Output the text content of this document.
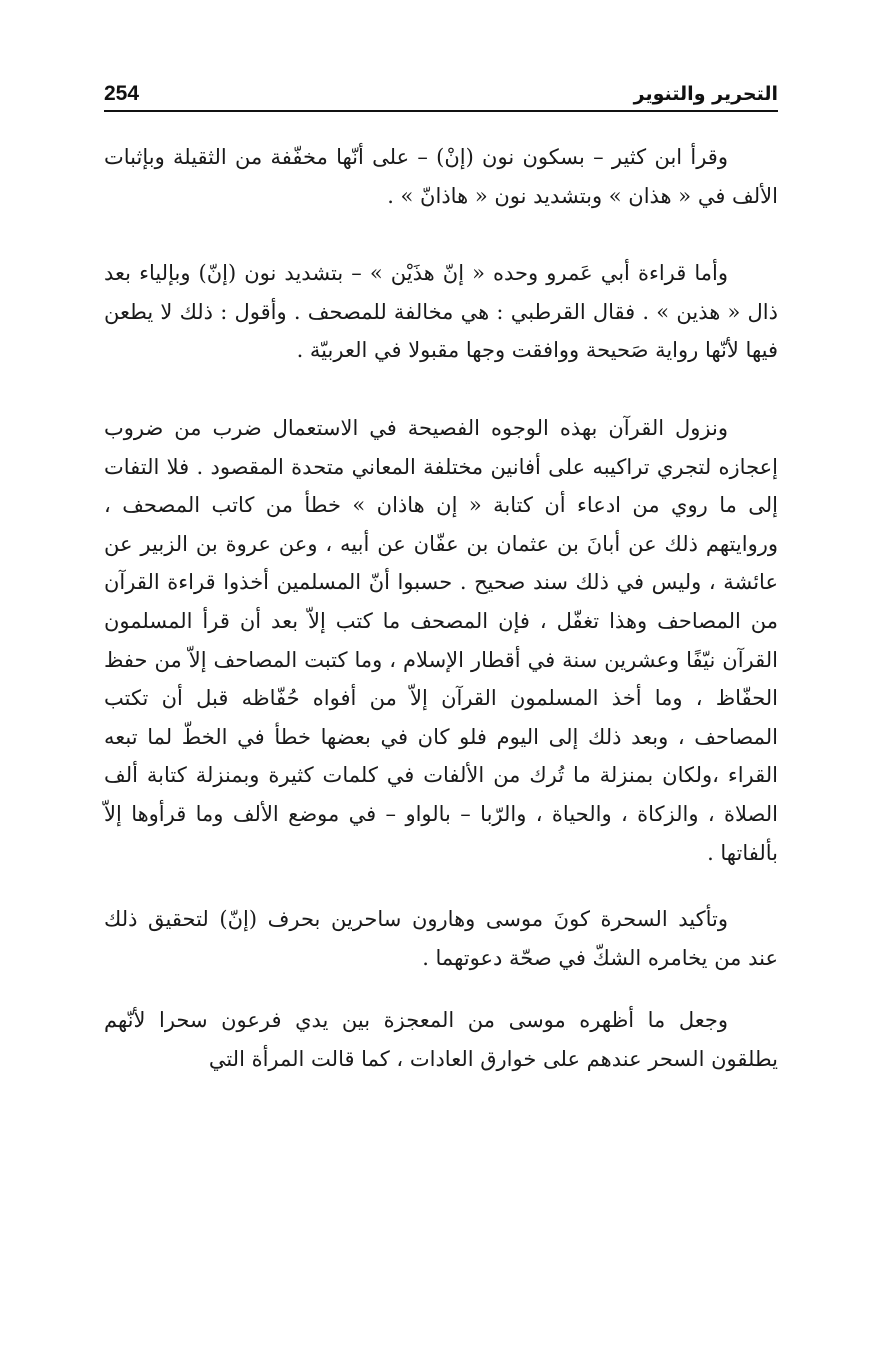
254	التحرير والتنوير

وقرأ ابن كثير – بسكون نون (إنْ) – على أنّها مخفّفة من الثقيلة وبإثبات الألف في « هذان » وبتشديد نون « هاذانّ » .

وأما قراءة أبي عَمرو وحده « إنّ هذَيْن » – بتشديد نون (إنّ) وبإلياء بعد ذال « هذين » . فقال القرطبي : هي مخالفة للمصحف . وأقول : ذلك لا يطعن فيها لأنّها رواية صَحيحة ووافقت وجها مقبولا في العربيّة .

ونزول القرآن بهذه الوجوه الفصيحة في الاستعمال ضرب من ضروب إعجازه لتجري تراكيبه على أفانين مختلفة المعاني متحدة المقصود . فلا التفات إلى ما روي من ادعاء أن كتابة « إن هاذان » خطأ من كاتب المصحف ، وروايتهم ذلك عن أبانَ بن عثمان بن عفّان عن أبيه ، وعن عروة بن الزبير عن عائشة ، وليس في ذلك سند صحيح . حسبوا أنّ المسلمين أخذوا قراءة القرآن من المصاحف وهذا تغفّل ، فإن المصحف ما كتب إلاّ بعد أن قرأ المسلمون القرآن نيّفًا وعشرين سنة في أقطار الإسلام ، وما كتبت المصاحف إلاّ من حفظ الحفّاظ ، وما أخذ المسلمون القرآن إلاّ من أفواه حُفّاظه قبل أن تكتب المصاحف ، وبعد ذلك إلى اليوم فلو كان في بعضها خطأ في الخطّ لما تبعه القراء ،ولكان بمنزلة ما تُرك من الألفات في كلمات كثيرة وبمنزلة كتابة ألف الصلاة ، والزكاة ، والحياة ، والرّبا – بالواو – في موضع الألف وما قرأوها إلاّ بألفاتها .

وتأكيد السحرة كونَ موسى وهارون ساحرين بحرف (إنّ) لتحقيق ذلك عند من يخامره الشكّ في صحّة دعوتهما .

وجعل ما أظهره موسى من المعجزة بين يدي فرعون سحرا لأنّهم يطلقون السحر عندهم على خوارق العادات ، كما قالت المرأة التي
